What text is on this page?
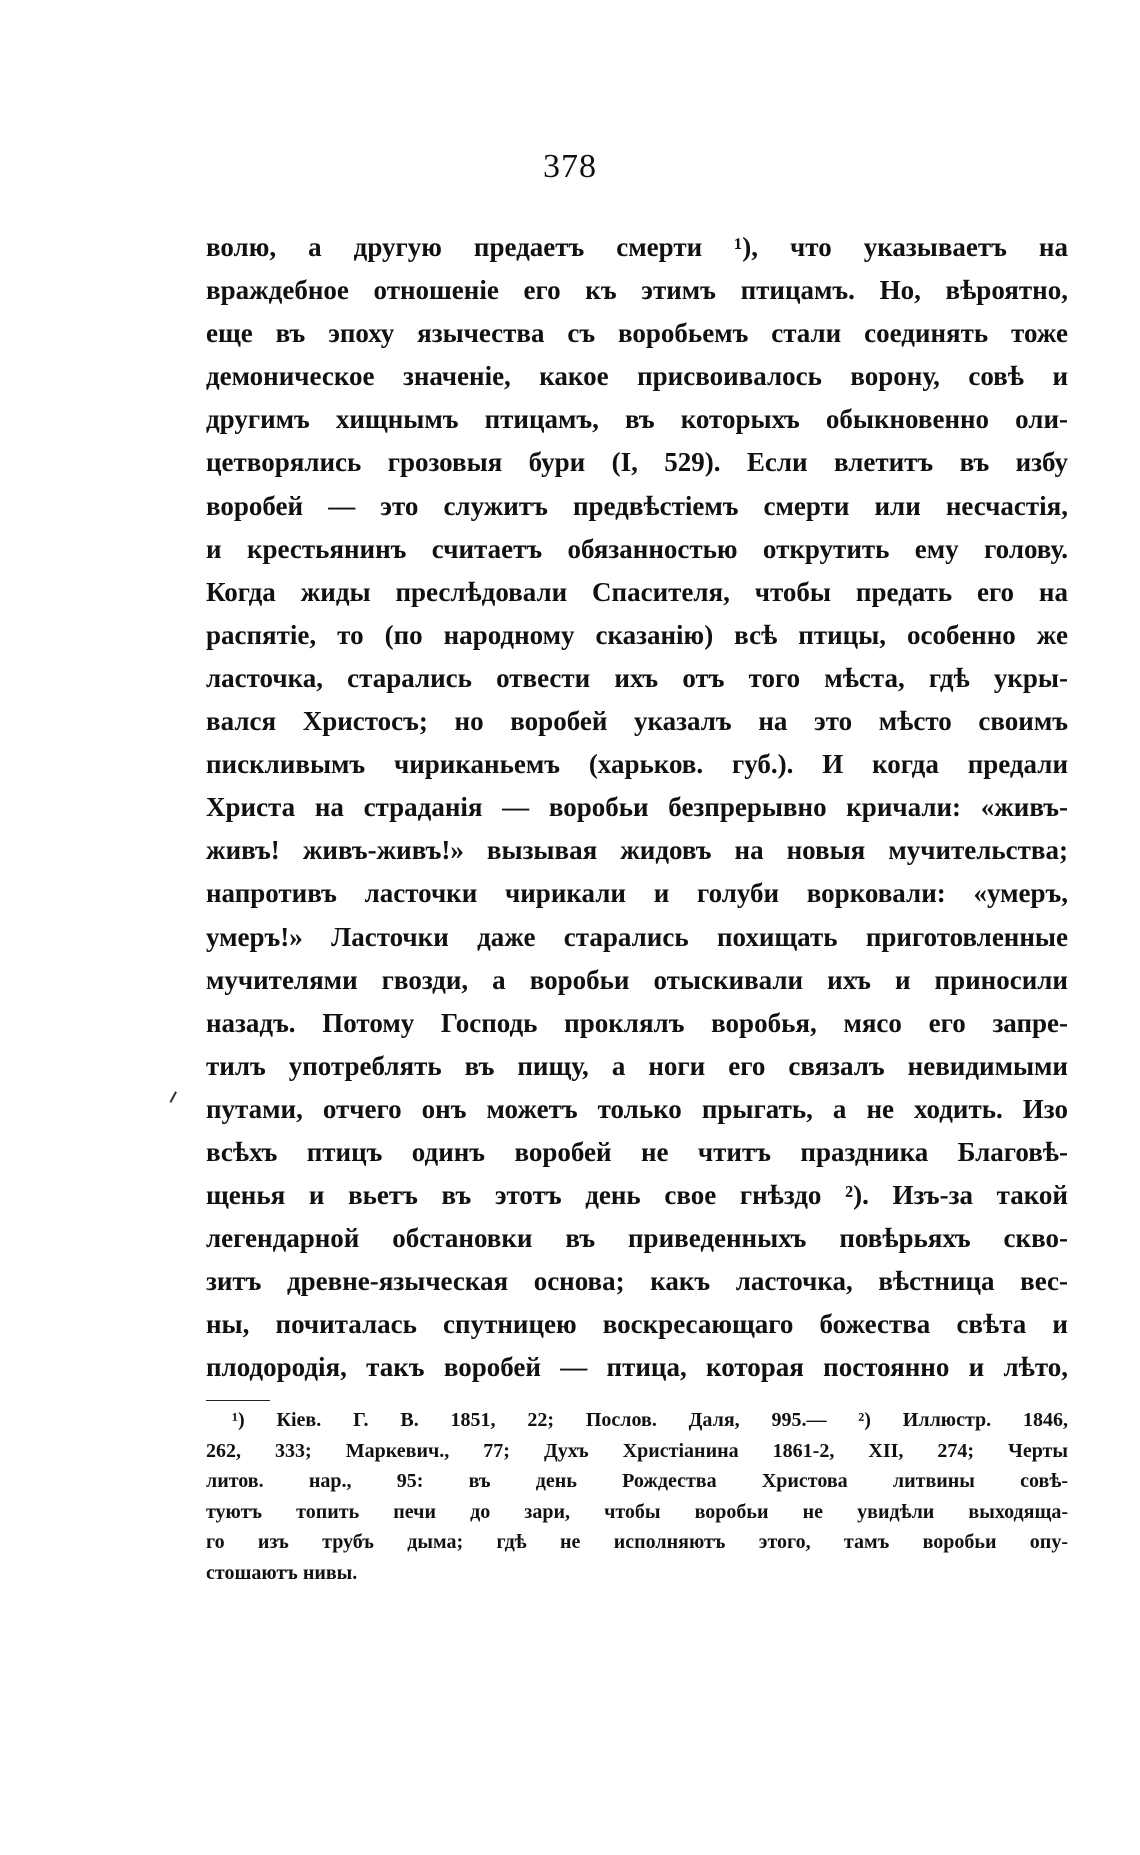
378
волю, а другую предаетъ смерти ¹), что указываетъ на
враждебное отношеніе его къ этимъ птицамъ. Но, вѣроятно,
еще въ эпоху язычества съ воробьемъ стали соединять тоже
демоническое значеніе, какое присвоивалось ворону, совѣ и
другимъ хищнымъ птицамъ, въ которыхъ обыкновенно оли-
цетворялись грозовыя бури (I, 529). Если влетитъ въ избу
воробей — это служитъ предвѣстіемъ смерти или несчастія,
и крестьянинъ считаетъ обязанностью открутить ему голову.
Когда жиды преслѣдовали Спасителя, чтобы предать его на
распятіе, то (по народному сказанію) всѣ птицы, особенно же
ласточка, старались отвести ихъ отъ того мѣста, гдѣ укры-
вался Христосъ; но воробей указалъ на это мѣсто своимъ
пискливымъ чириканьемъ (харьков. губ.). И когда предали
Христа на страданія — воробьи безпрерывно кричали: «живъ-
живъ! живъ-живъ!» вызывая жидовъ на новыя мучительства;
напротивъ ласточки чирикали и голуби ворковали: «умеръ,
умеръ!» Ласточки даже старались похищать приготовленные
мучителями гвозди, а воробьи отыскивали ихъ и приносили
назадъ. Потому Господь проклялъ воробья, мясо его запре-
тилъ употреблять въ пищу, а ноги его связалъ невидимыми
путами, отчего онъ можетъ только прыгать, а не ходить. Изо
всѣхъ птицъ одинъ воробей не чтитъ праздника Благовѣ-
щенья и вьетъ въ этотъ день свое гнѣздо ²). Изъ-за такой
легендарной обстановки въ приведенныхъ повѣрьяхъ скво-
зитъ древне-языческая основа; какъ ласточка, вѣстница вес-
ны, почиталась спутницею воскресающаго божества свѣта и
плодородія, такъ воробей — птица, которая постоянно и лѣто,
¹) Кіев. Г. В. 1851, 22; Послов. Даля, 995.— ²) Иллюстр. 1846,
262, 333; Маркевич., 77; Духъ Христіанина 1861-2, XII, 274; Черты
литов. нар., 95: въ день Рождества Христова литвины совѣ-
туютъ топить печи до зари, чтобы воробьи не увидѣли выходяща-
го изъ трубъ дыма; гдѣ не исполняютъ этого, тамъ воробьи опу-
стошаютъ нивы.
